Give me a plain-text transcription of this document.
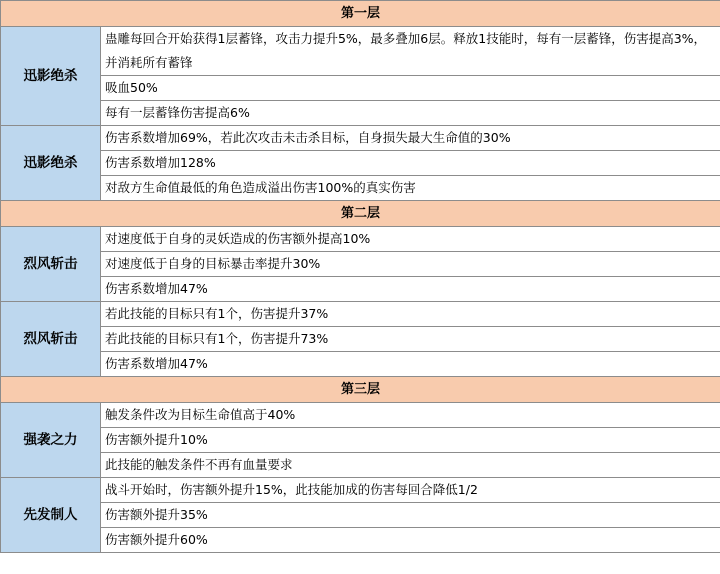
第一层	
迅影绝杀	蛊雕每回合开始获得1层蓄锋，攻击力提升5%，最多叠加6层。释放1技能时，每有一层蓄锋，伤害提高3%，并消耗所有蓄锋
	吸血50%
	每有一层蓄锋伤害提高6%
迅影绝杀	伤害系数增加69%，若此次攻击未击杀目标，自身损失最大生命值的30%
	伤害系数增加128%
	对敌方生命值最低的角色造成溢出伤害100%的真实伤害
第二层	
烈风斩击	对速度低于自身的灵妖造成的伤害额外提高10%
	对速度低于自身的目标暴击率提升30%
	伤害系数增加47%
烈风斩击	若此技能的目标只有1个，伤害提升37%
	若此技能的目标只有1个，伤害提升73%
	伤害系数增加47%
第三层	
强袭之力	触发条件改为目标生命值高于40%
	伤害额外提升10%
	此技能的触发条件不再有血量要求
先发制人	战斗开始时，伤害额外提升15%，此技能加成的伤害每回合降低1/2
	伤害额外提升35%
	伤害额外提升60%
